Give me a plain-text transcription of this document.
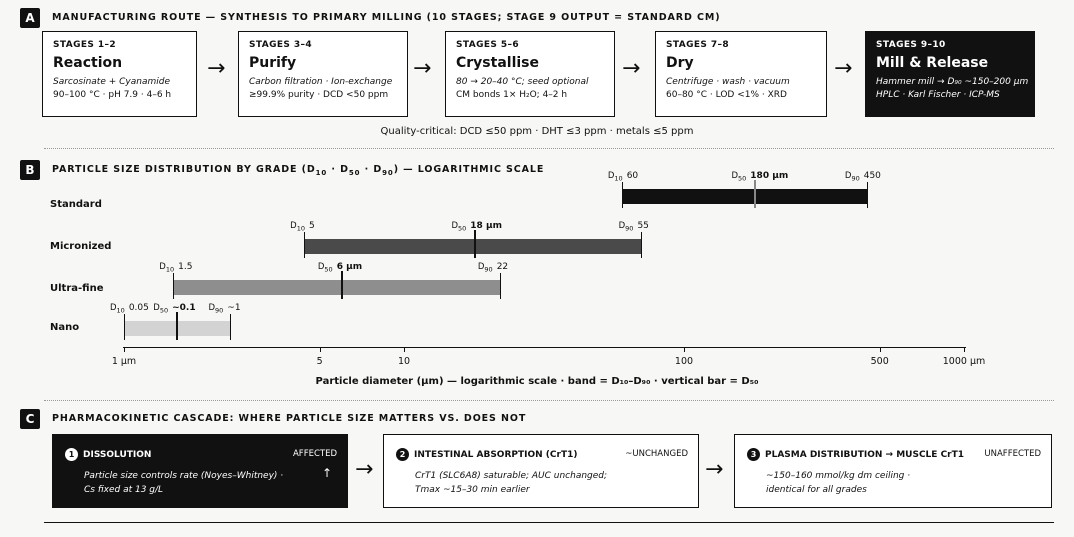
A	MANUFACTURING ROUTE — SYNTHESIS TO PRIMARY MILLING (10 STAGES; STAGE 9 OUTPUT = STANDARD CM)
STAGES 1–2
Reaction
Sarcosinate + Cyanamide
90–100 °C · pH 7.9 · 4–6 h
→
STAGES 3–4
Purify
Carbon filtration · Ion-exchange
≥99.9% purity · DCD <50 ppm
→
STAGES 5–6
Crystallise
80 → 20–40 °C; seed optional
CM bonds 1× H₂O; 4–2 h
→
STAGES 7–8
Dry
Centrifuge · wash · vacuum
60–80 °C · LOD <1% · XRD
→
STAGES 9–10
Mill & Release
Hammer mill → D₉₀ ~150–200 µm
HPLC · Karl Fischer · ICP-MS
Quality-critical: DCD ≤50 ppm · DHT ≤3 ppm · metals ≤5 ppm
B	PARTICLE SIZE DISTRIBUTION BY GRADE $(D_{10} \cdot D_{50} \cdot D_{90})$ — LOGARITHMIC SCALE
Standard
$D_{10}$ 60	$D_{50}$ 180 µm	$D_{90}$ 450
Micronized
$D_{10}$ 5	$D_{50}$ 18 µm	$D_{90}$ 55
Ultra-fine
$D_{10}$ 1.5	$D_{50}$ 6 µm	$D_{90}$ 22
Nano
$D_{10}$ 0.05 $D_{50}$ ~0.1 $D_{90}$ ~1
1 µm	5	10	100	500	1000 µm
Particle diameter (µm) — logarithmic scale · band = D₁₀–D₉₀ · vertical bar = D₅₀
C	PHARMACOKINETIC CASCADE: WHERE PARTICLE SIZE MATTERS VS. DOES NOT
1 DISSOLUTION	AFFECTED
↑
Particle size controls rate (Noyes–Whitney) ·
Cs fixed at 13 g/L
→
2 INTESTINAL ABSORPTION (CrT1)	~UNCHANGED
CrT1 (SLC6A8) saturable; AUC unchanged;
Tmax ~15–30 min earlier
→
3 PLASMA DISTRIBUTION → MUSCLE CrT1 UNAFFECTED
~150–160 mmol/kg dm ceiling ·
identical for all grades
